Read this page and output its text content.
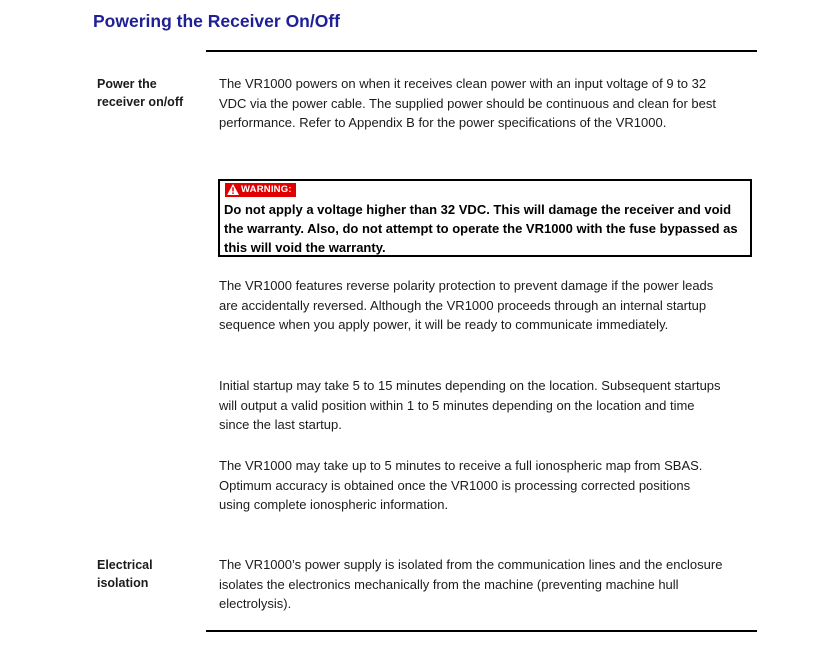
Powering the Receiver On/Off
Power the
receiver on/off

The VR1000 powers on when it receives clean power with an input voltage of 9 to 32 VDC via the power cable. The supplied power should be continuous and clean for best performance. Refer to Appendix B for the power specifications of the VR1000.

WARNING:

Do not apply a voltage higher than 32 VDC. This will damage the receiver and void the warranty. Also, do not attempt to operate the VR1000 with the fuse bypassed as this will void the warranty.

The VR1000 features reverse polarity protection to prevent damage if the power leads are accidentally reversed. Although the VR1000 proceeds through an internal startup sequence when you apply power, it will be ready to communicate immediately.

Initial startup may take 5 to 15 minutes depending on the location. Subsequent startups will output a valid position within 1 to 5 minutes depending on the location and time since the last startup.

The VR1000 may take up to 5 minutes to receive a full ionospheric map from SBAS. Optimum accuracy is obtained once the VR1000 is processing corrected positions using complete ionospheric information.

Electrical
isolation

The VR1000’s power supply is isolated from the communication lines and the enclosure isolates the electronics mechanically from the machine (preventing machine hull electrolysis).
